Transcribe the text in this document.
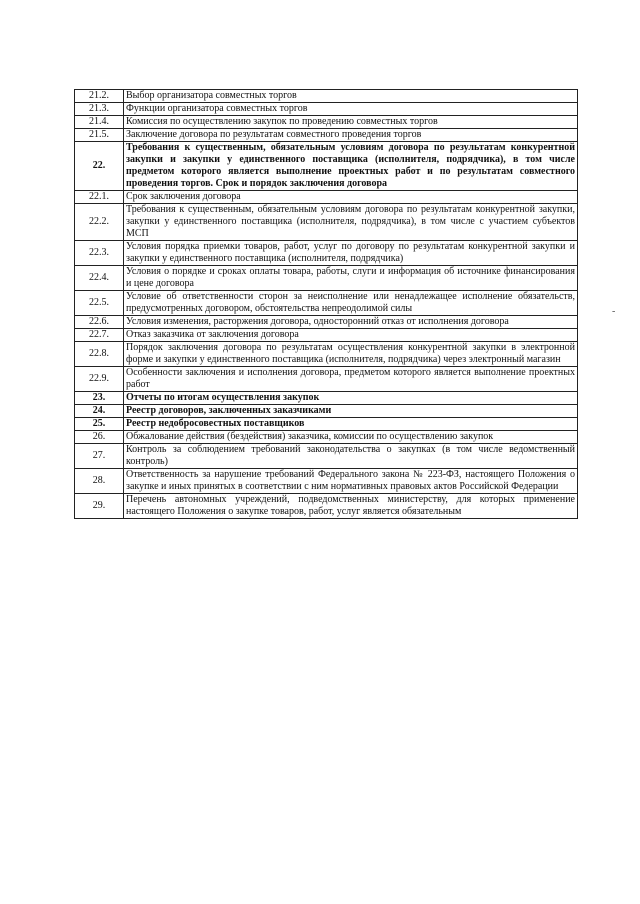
21.2.	Выбор организатора совместных торгов
21.3.	Функции организатора совместных торгов
21.4.	Комиссия по осуществлению закупок по проведению совместных торгов
21.5.	Заключение договора по результатам совместного проведения торгов
22.	Требования к существенным, обязательным условиям договора по результатам конкурентной закупки и закупки у единственного поставщика (исполнителя, подрядчика), в том числе предметом которого является выполнение проектных работ и по результатам совместного проведения торгов. Срок и порядок заключения договора
22.1.	Срок заключения договора
22.2.	Требования к существенным, обязательным условиям договора по результатам конкурентной закупки, закупки у единственного поставщика (исполнителя, подрядчика), в том числе с участием субъектов МСП
22.3.	Условия порядка приемки товаров, работ, услуг по договору по результатам конкурентной закупки и закупки у единственного поставщика (исполнителя, подрядчика)
22.4.	Условия о порядке и сроках оплаты товара, работы, слуги и информация об источнике финансирования и цене договора
22.5.	Условие об ответственности сторон за неисполнение или ненадлежащее исполнение обязательств, предусмотренных договором, обстоятельства непреодолимой силы
22.6.	Условия изменения, расторжения договора, односторонний отказ от исполнения договора
22.7.	Отказ заказчика от заключения договора
22.8.	Порядок заключения договора по результатам осуществления конкурентной закупки в электронной форме и закупки у единственного поставщика (исполнителя, подрядчика) через электронный магазин
22.9.	Особенности заключения и исполнения договора, предметом которого является выполнение проектных работ
23.	Отчеты по итогам осуществления закупок
24.	Реестр договоров, заключенных заказчиками
25.	Реестр недобросовестных поставщиков
26.	Обжалование действия (бездействия) заказчика, комиссии по осуществлению закупок
27.	Контроль за соблюдением требований законодательства о закупках (в том числе ведомственный контроль)
28.	Ответственность за нарушение требований Федерального закона № 223-ФЗ, настоящего Положения о закупке и иных принятых в соответствии с ним нормативных правовых актов Российской Федерации
29.	Перечень автономных учреждений, подведомственных министерству, для которых применение настоящего Положения о закупке товаров, работ, услуг является обязательным
-
